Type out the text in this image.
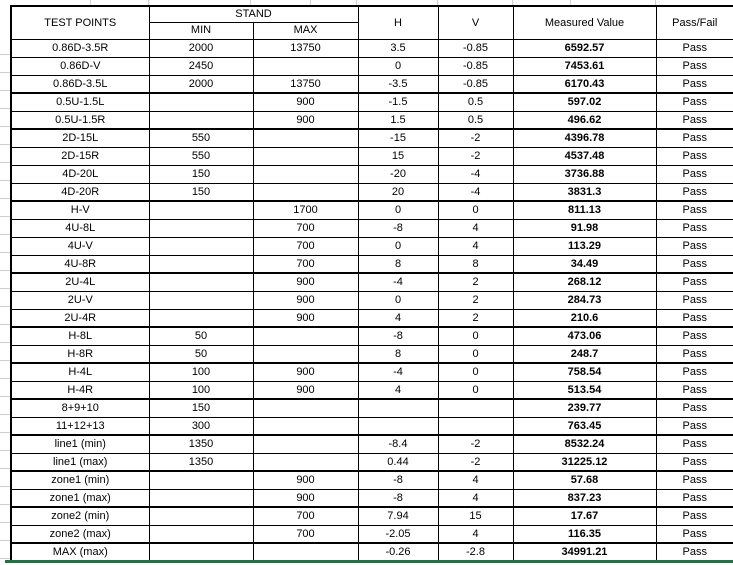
TEST POINTS	STAND		H	V	Measured Value	Pass/Fail
	MIN	MAX				
0.86D-3.5R	2000	13750	3.5	-0.85	6592.57	Pass
0.86D-V	2450		0	-0.85	7453.61	Pass
0.86D-3.5L	2000	13750	-3.5	-0.85	6170.43	Pass
0.5U-1.5L		900	-1.5	0.5	597.02	Pass
0.5U-1.5R		900	1.5	0.5	496.62	Pass
2D-15L	550		-15	-2	4396.78	Pass
2D-15R	550		15	-2	4537.48	Pass
4D-20L	150		-20	-4	3736.88	Pass
4D-20R	150		20	-4	3831.3	Pass
H-V		1700	0	0	811.13	Pass
4U-8L		700	-8	4	91.98	Pass
4U-V		700	0	4	113.29	Pass
4U-8R		700	8	8	34.49	Pass
2U-4L		900	-4	2	268.12	Pass
2U-V		900	0	2	284.73	Pass
2U-4R		900	4	2	210.6	Pass
H-8L	50		-8	0	473.06	Pass
H-8R	50		8	0	248.7	Pass
H-4L	100	900	-4	0	758.54	Pass
H-4R	100	900	4	0	513.54	Pass
8+9+10	150				239.77	Pass
11+12+13	300				763.45	Pass
line1 (min)	1350		-8.4	-2	8532.24	Pass
line1 (max)	1350		0.44	-2	31225.12	Pass
zone1 (min)		900	-8	4	57.68	Pass
zone1 (max)		900	-8	4	837.23	Pass
zone2 (min)		700	7.94	15	17.67	Pass
zone2 (max)		700	-2.05	4	116.35	Pass
MAX (max)			-0.26	-2.8	34991.21	Pass
